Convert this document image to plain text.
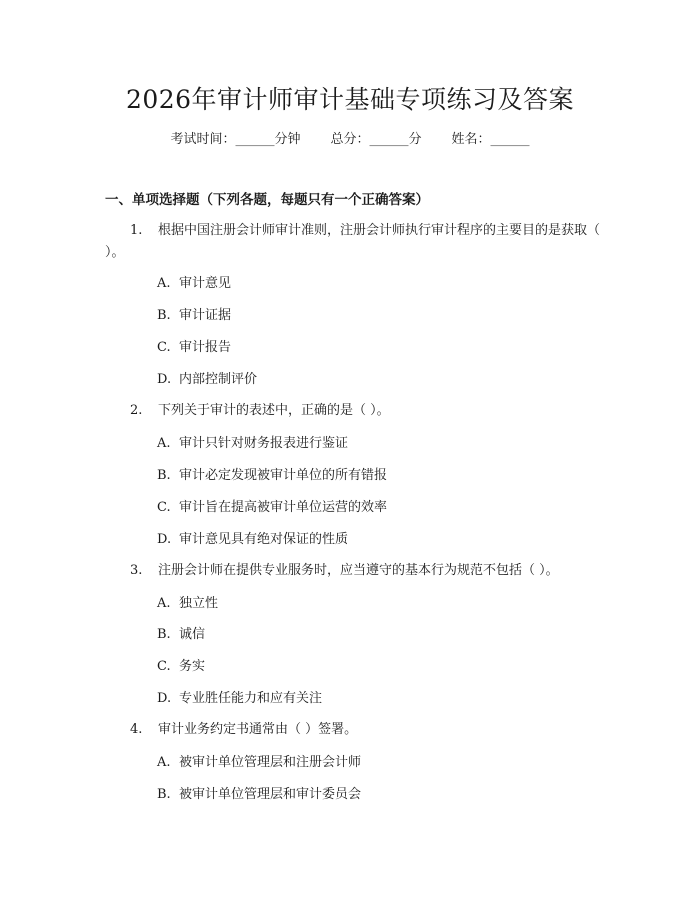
2026年审计师审计基础专项练习及答案
考试时间：______分钟 总分：______分 姓名：______
一、单项选择题（下列各题，每题只有一个正确答案）
1. 根据中国注册会计师审计准则，注册会计师执行审计程序的主要目的是获取（ ）。
A. 审计意见
B. 审计证据
C. 审计报告
D. 内部控制评价
2. 下列关于审计的表述中，正确的是（ ）。
A. 审计只针对财务报表进行鉴证
B. 审计必定发现被审计单位的所有错报
C. 审计旨在提高被审计单位运营的效率
D. 审计意见具有绝对保证的性质
3. 注册会计师在提供专业服务时，应当遵守的基本行为规范不包括（ ）。
A. 独立性
B. 诚信
C. 务实
D. 专业胜任能力和应有关注
4. 审计业务约定书通常由（ ）签署。
A. 被审计单位管理层和注册会计师
B. 被审计单位管理层和审计委员会
